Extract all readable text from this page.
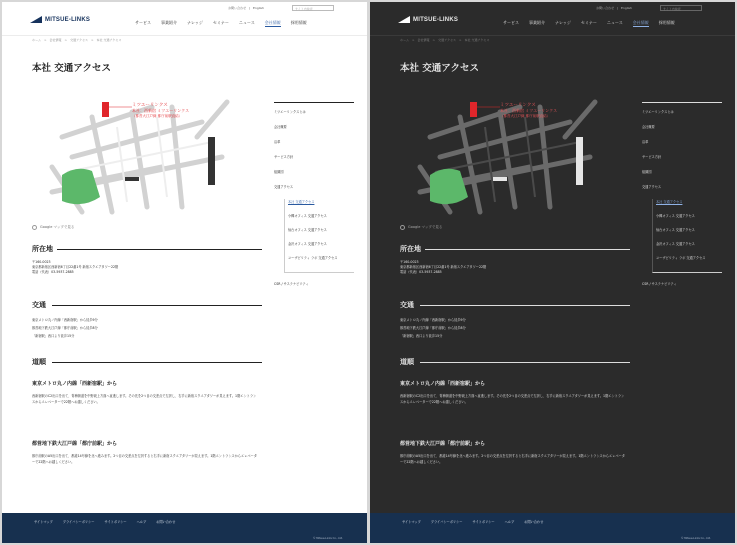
MITSUE-LINKS
お問い合わせ | English	サイト内検索
サービス	事業紹介	ナレッジ	セミナー	ニュース	会社情報	採用情報
ホーム > 会社情報 > 交通アクセス > 本社 交通アクセス
本社 交通アクセス
ミツエーリンクス
本社：西新宿 ミツエーリンクス
（都営大江戸線 都庁前駅直結）
Google マップで見る
所在地
〒160-0023
東京都新宿区西新宿6丁目22番1号 新宿スクエアタワー22階
電話（代表）03-5937-2885
交通
東京メトロ丸ノ内線「西新宿駅」から徒歩9分
都営地下鉄大江戸線「都庁前駅」から徒歩8分
「新宿駅」西口より徒歩15分
道順
東京メトロ丸ノ内線「西新宿駅」から
西新宿駅のC2出口を出て、青梅街道を中野坂上方面へ直進します。その先を2つ目の交差点で左折し、右手に新宿スクエアタワーが見えます。1階エントランスからエレベーターで22階へお越しください。
都営地下鉄大江戸線「都庁前駅」から
都庁前駅のA5出口を出て、都道14号線を北へ進みます。2つ目の交差点を左折すると右手に新宿スクエアタワーが見えます。1階エントランスからエレベーターで22階へお越しください。
ミツエーリンクスとは
会社概要
沿革
サービス方針
組織図
交通アクセス
本社 交通アクセス
小樽オフィス 交通アクセス
仙台オフィス 交通アクセス
金沢オフィス 交通アクセス
ユーザビリティ ラボ 交通アクセス
CSR / サステナビリティ
サイトマップ	プライバシーポリシー	サイトポリシー	ヘルプ	お問い合わせ
© Mitsue-Links Co., Ltd.
MITSUE-LINKS
お問い合わせ | English	サイト内検索
サービス	事業紹介	ナレッジ	セミナー	ニュース	会社情報	採用情報
ホーム > 会社情報 > 交通アクセス > 本社 交通アクセス
本社 交通アクセス
ミツエーリンクス
本社：西新宿 ミツエーリンクス
（都営大江戸線 都庁前駅直結）
Google マップで見る
所在地
〒160-0023
東京都新宿区西新宿6丁目22番1号 新宿スクエアタワー22階
電話（代表）03-5937-2885
交通
東京メトロ丸ノ内線「西新宿駅」から徒歩9分
都営地下鉄大江戸線「都庁前駅」から徒歩8分
「新宿駅」西口より徒歩15分
道順
東京メトロ丸ノ内線「西新宿駅」から
西新宿駅のC2出口を出て、青梅街道を中野坂上方面へ直進します。その先を2つ目の交差点で左折し、右手に新宿スクエアタワーが見えます。1階エントランスからエレベーターで22階へお越しください。
都営地下鉄大江戸線「都庁前駅」から
都庁前駅のA5出口を出て、都道14号線を北へ進みます。2つ目の交差点を左折すると右手に新宿スクエアタワーが見えます。1階エントランスからエレベーターで22階へお越しください。
ミツエーリンクスとは
会社概要
沿革
サービス方針
組織図
交通アクセス
本社 交通アクセス
小樽オフィス 交通アクセス
仙台オフィス 交通アクセス
金沢オフィス 交通アクセス
ユーザビリティ ラボ 交通アクセス
CSR / サステナビリティ
サイトマップ	プライバシーポリシー	サイトポリシー	ヘルプ	お問い合わせ
© Mitsue-Links Co., Ltd.
